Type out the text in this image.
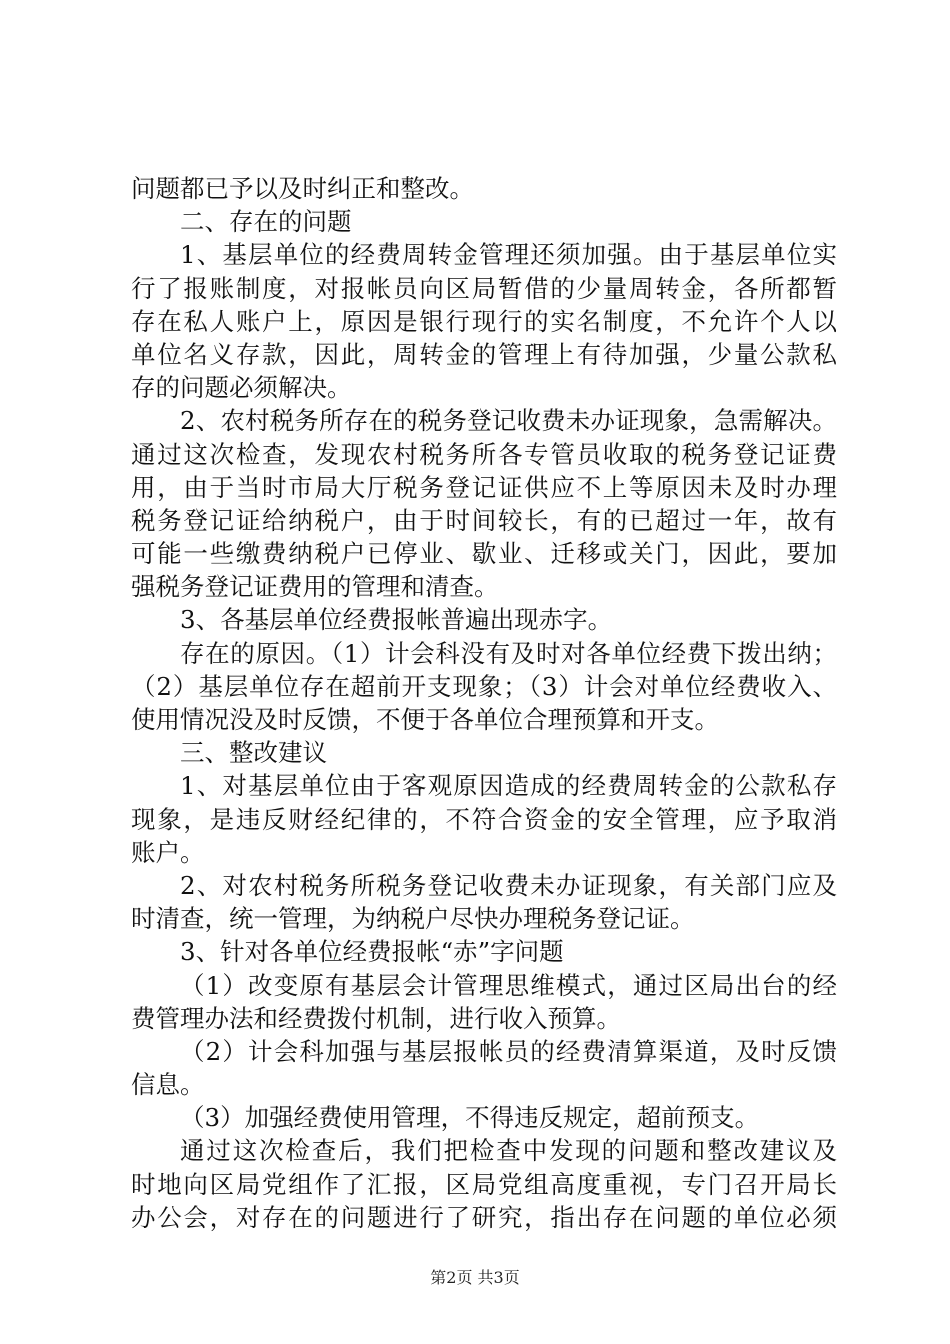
问题都已予以及时纠正和整改。
二、存在的问题
1、基层单位的经费周转金管理还须加强。由于基层单位实
行了报账制度，对报帐员向区局暂借的少量周转金，各所都暂
存在私人账户上，原因是银行现行的实名制度，不允许个人以
单位名义存款，因此，周转金的管理上有待加强，少量公款私
存的问题必须解决。
2、农村税务所存在的税务登记收费未办证现象，急需解决。
通过这次检查，发现农村税务所各专管员收取的税务登记证费
用，由于当时市局大厅税务登记证供应不上等原因未及时办理
税务登记证给纳税户，由于时间较长，有的已超过一年，故有
可能一些缴费纳税户已停业、歇业、迁移或关门，因此，要加
强税务登记证费用的管理和清查。
3、各基层单位经费报帐普遍出现赤字。
存在的原因。（1）计会科没有及时对各单位经费下拨出纳；
（2）基层单位存在超前开支现象；（3）计会对单位经费收入、
使用情况没及时反馈，不便于各单位合理预算和开支。
三、整改建议
1、对基层单位由于客观原因造成的经费周转金的公款私存
现象，是违反财经纪律的，不符合资金的安全管理，应予取消
账户。
2、对农村税务所税务登记收费未办证现象，有关部门应及
时清查，统一管理，为纳税户尽快办理税务登记证。
3、针对各单位经费报帐“赤”字问题
（1）改变原有基层会计管理思维模式，通过区局出台的经
费管理办法和经费拨付机制，进行收入预算。
（2）计会科加强与基层报帐员的经费清算渠道，及时反馈
信息。
（3）加强经费使用管理，不得违反规定，超前预支。
通过这次检查后，我们把检查中发现的问题和整改建议及
时地向区局党组作了汇报，区局党组高度重视，专门召开局长
办公会，对存在的问题进行了研究，指出存在问题的单位必须
第2页 共3页
